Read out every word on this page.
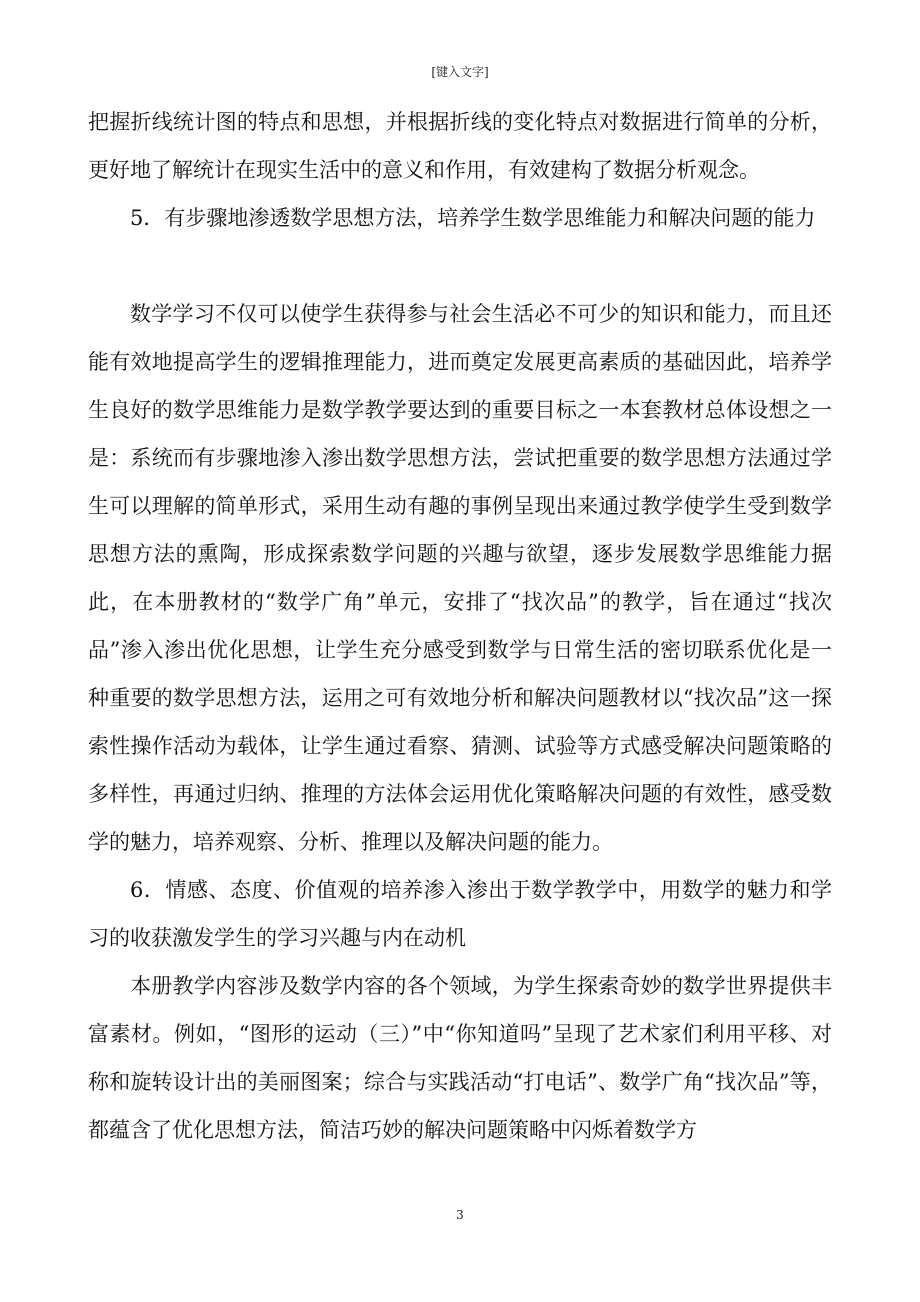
[键入文字]

把握折线统计图的特点和思想，并根据折线的变化特点对数据进行简单的分析，更好地了解统计在现实生活中的意义和作用，有效建构了数据分析观念。

5．有步骤地渗透数学思想方法，培养学生数学思维能力和解决问题的能力

数学学习不仅可以使学生获得参与社会生活必不可少的知识和能力，而且还能有效地提高学生的逻辑推理能力，进而奠定发展更高素质的基础因此，培养学生良好的数学思维能力是数学教学要达到的重要目标之一本套教材总体设想之一是：系统而有步骤地渗入渗出数学思想方法，尝试把重要的数学思想方法通过学生可以理解的简单形式，采用生动有趣的事例呈现出来通过教学使学生受到数学思想方法的熏陶，形成探索数学问题的兴趣与欲望，逐步发展数学思维能力据此，在本册教材的“数学广角”单元，安排了“找次品”的教学，旨在通过“找次品”渗入渗出优化思想，让学生充分感受到数学与日常生活的密切联系优化是一种重要的数学思想方法，运用之可有效地分析和解决问题教材以“找次品”这一探索性操作活动为载体，让学生通过看察、猜测、试验等方式感受解决问题策略的多样性，再通过归纳、推理的方法体会运用优化策略解决问题的有效性，感受数学的魅力，培养观察、分析、推理以及解决问题的能力。

6．情感、态度、价值观的培养渗入渗出于数学教学中，用数学的魅力和学习的收获激发学生的学习兴趣与内在动机

本册教学内容涉及数学内容的各个领域，为学生探索奇妙的数学世界提供丰富素材。例如，“图形的运动（三）”中“你知道吗”呈现了艺术家们利用平移、对称和旋转设计出的美丽图案；综合与实践活动“打电话”、数学广角“找次品”等，都蕴含了优化思想方法，简洁巧妙的解决问题策略中闪烁着数学方

3
